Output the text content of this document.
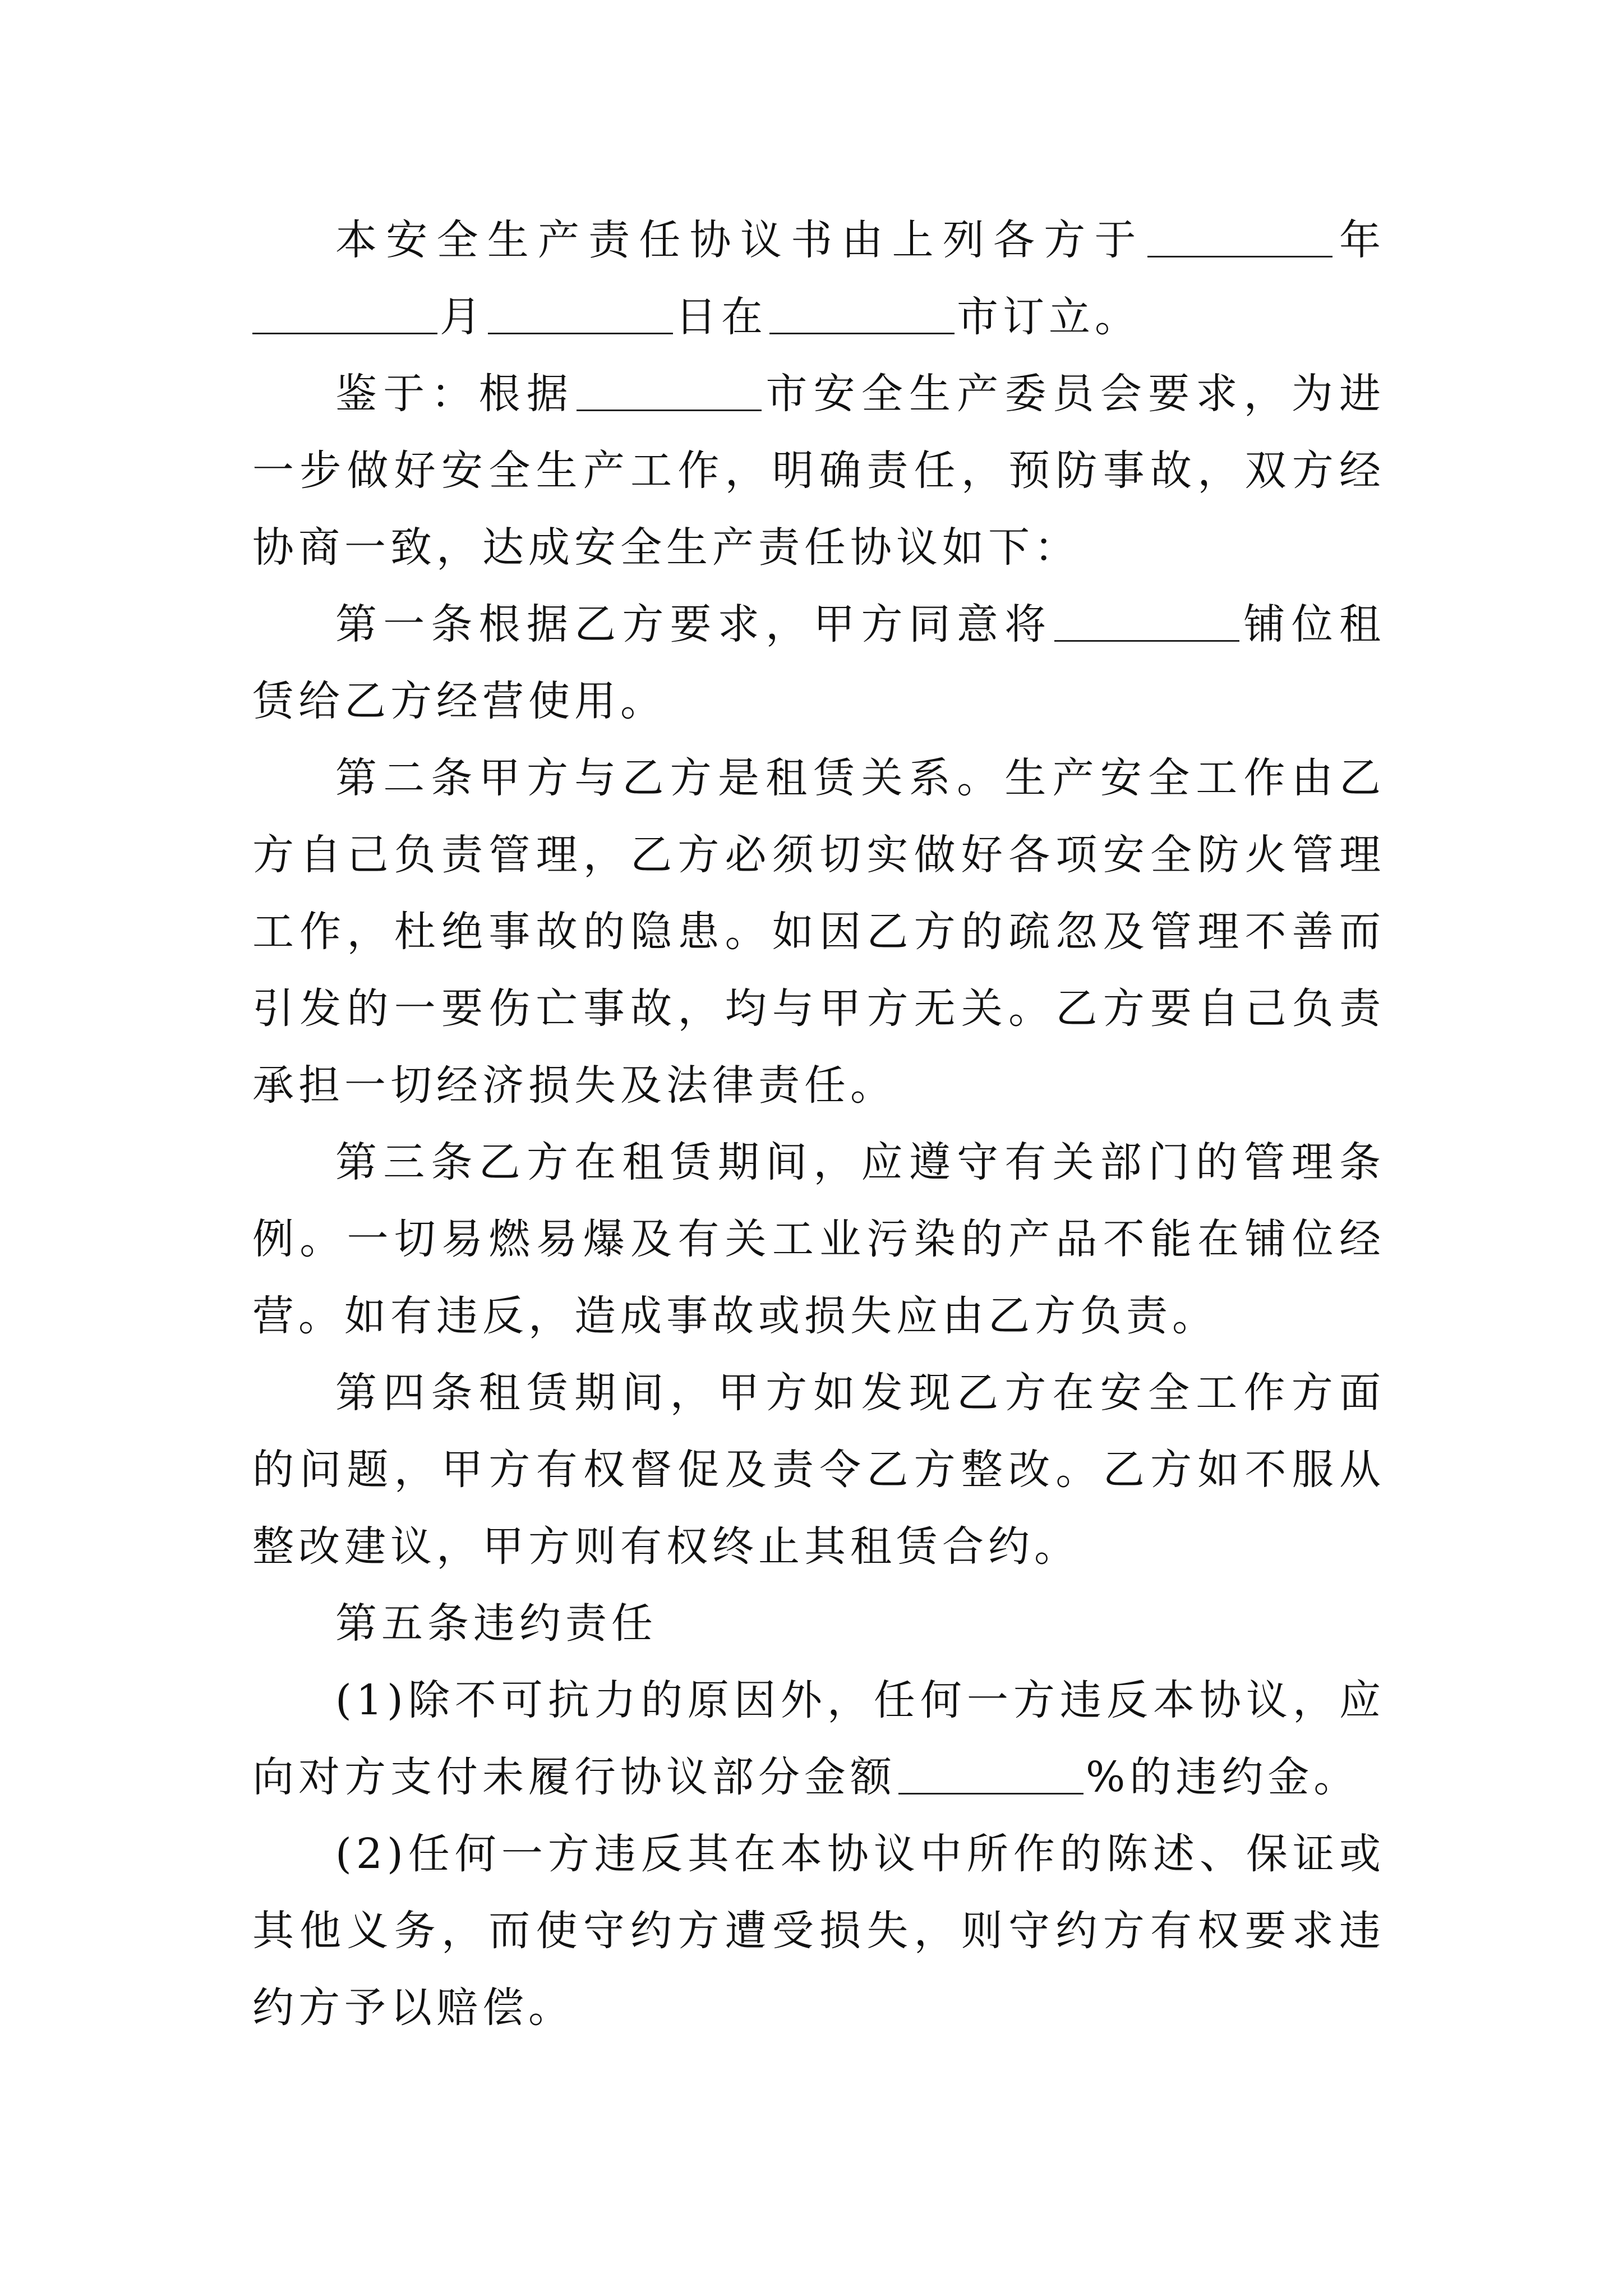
本安全生产责任协议书由上列各方于	年月	日在	市订立。

鉴于：根据	市安全生产委员会要求，为进一步做好安全生产工作，明确责任，预防事故，双方经协商一致，达成安全生产责任协议如下：

第一条根据乙方要求，甲方同意将	铺位租赁给乙方经营使用。

第二条甲方与乙方是租赁关系。生产安全工作由乙方自己负责管理，乙方必须切实做好各项安全防火管理工作，杜绝事故的隐患。如因乙方的疏忽及管理不善而引发的一要伤亡事故，均与甲方无关。乙方要自己负责承担一切经济损失及法律责任。

第三条乙方在租赁期间，应遵守有关部门的管理条例。一切易燃易爆及有关工业污染的产品不能在铺位经营。如有违反，造成事故或损失应由乙方负责。

第四条租赁期间，甲方如发现乙方在安全工作方面的问题，甲方有权督促及责令乙方整改。乙方如不服从整改建议，甲方则有权终止其租赁合约。

第五条违约责任

(1)除不可抗力的原因外，任何一方违反本协议，应向对方支付未履行协议部分金额	%的违约金。

(2)任何一方违反其在本协议中所作的陈述、保证或其他义务，而使守约方遭受损失，则守约方有权要求违约方予以赔偿。
